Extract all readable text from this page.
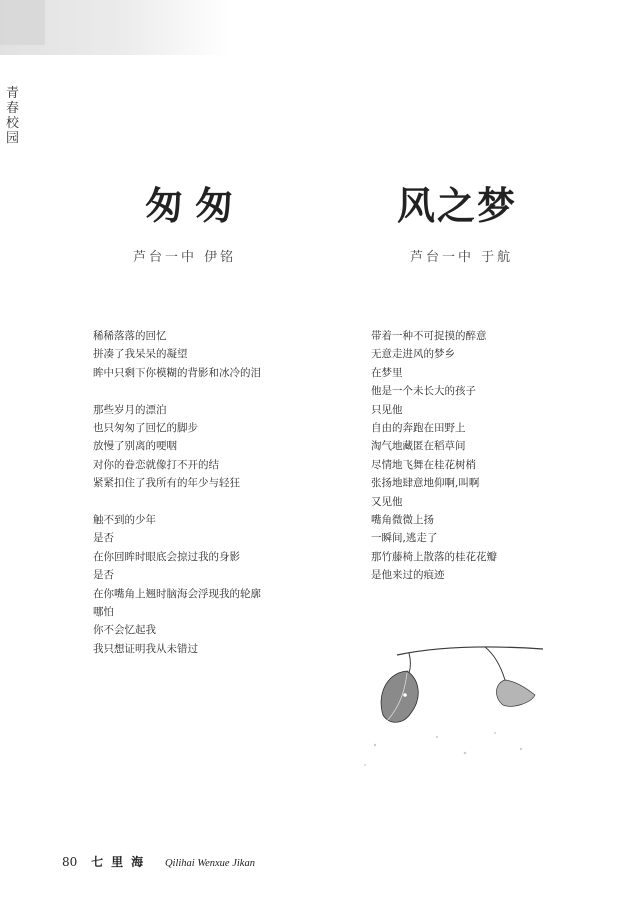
青春校园
匆匆	风之梦
芦台一中 伊铭	芦台一中 于航
稀稀落落的回忆
拼凑了我呆呆的凝望
眸中只剩下你模糊的背影和冰冷的泪
那些岁月的漂泊
也只匆匆了回忆的脚步
放慢了别离的哽咽
对你的眷恋就像打不开的结
紧紧扣住了我所有的年少与轻狂
触不到的少年
是否
在你回眸时眼底会掠过我的身影
是否
在你嘴角上翘时脑海会浮现我的轮廓
哪怕
你不会忆起我
我只想证明我从未错过
带着一种不可捉摸的醉意
无意走进风的梦乡
在梦里
他是一个未长大的孩子
只见他
自由的奔跑在田野上
淘气地藏匿在稻草间
尽情地飞舞在桂花树梢
张扬地肆意地仰啊,叫啊
又见他
嘴角微微上扬
一瞬间,逃走了
那竹藤椅上散落的桂花花瓣
是他来过的痕迹
80 七里海 Qilihai Wenxue Jikan
